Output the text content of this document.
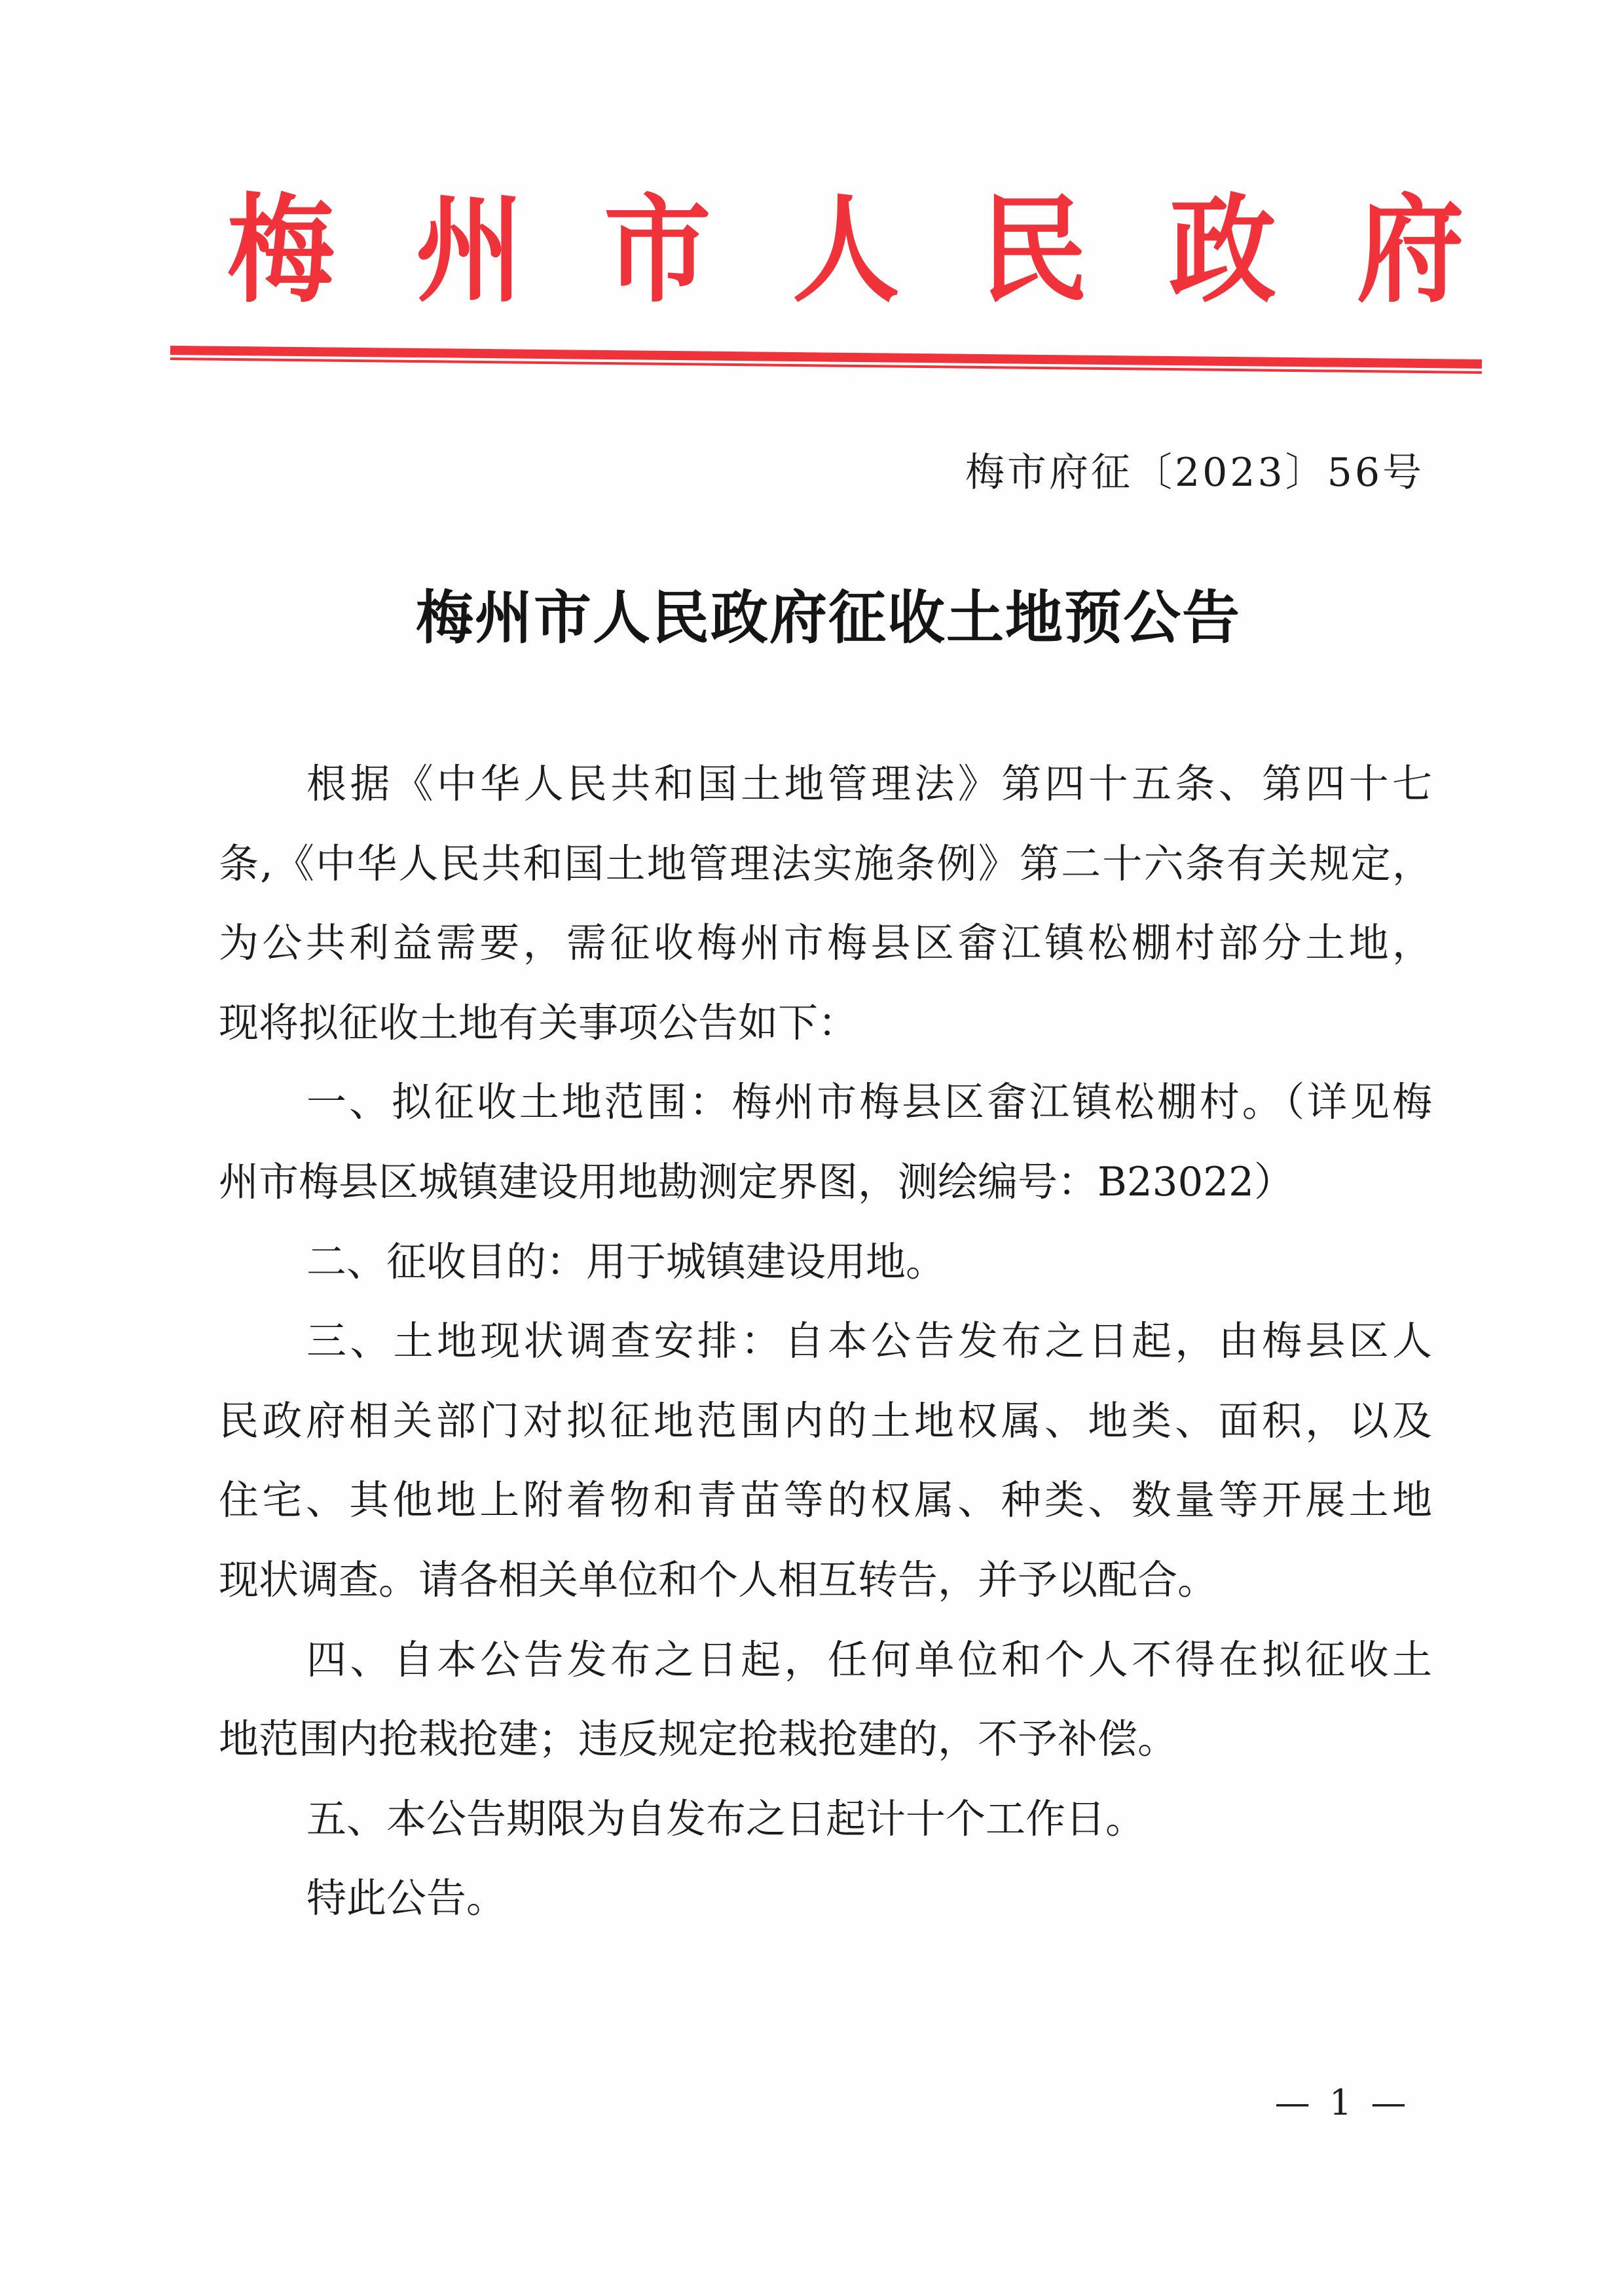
梅 州 市 人 民 政 府
梅市府征〔2023〕56号
梅州市人民政府征收土地预公告
根据《中华人民共和国土地管理法》第四十五条、第四十七
条,《中华人民共和国土地管理法实施条例》第二十六条有关规定，
为公共利益需要，需征收梅州市梅县区畲江镇松棚村部分土地，
现将拟征收土地有关事项公告如下：
一、拟征收土地范围：梅州市梅县区畲江镇松棚村。（详见梅
州市梅县区城镇建设用地勘测定界图，测绘编号：B23022）
二、征收目的：用于城镇建设用地。
三、土地现状调查安排：自本公告发布之日起，由梅县区人
民政府相关部门对拟征地范围内的土地权属、地类、面积，以及
住宅、其他地上附着物和青苗等的权属、种类、数量等开展土地
现状调查。请各相关单位和个人相互转告，并予以配合。
四、自本公告发布之日起，任何单位和个人不得在拟征收土
地范围内抢栽抢建；违反规定抢栽抢建的，不予补偿。
五、本公告期限为自发布之日起计十个工作日。
特此公告。
— 1 —
